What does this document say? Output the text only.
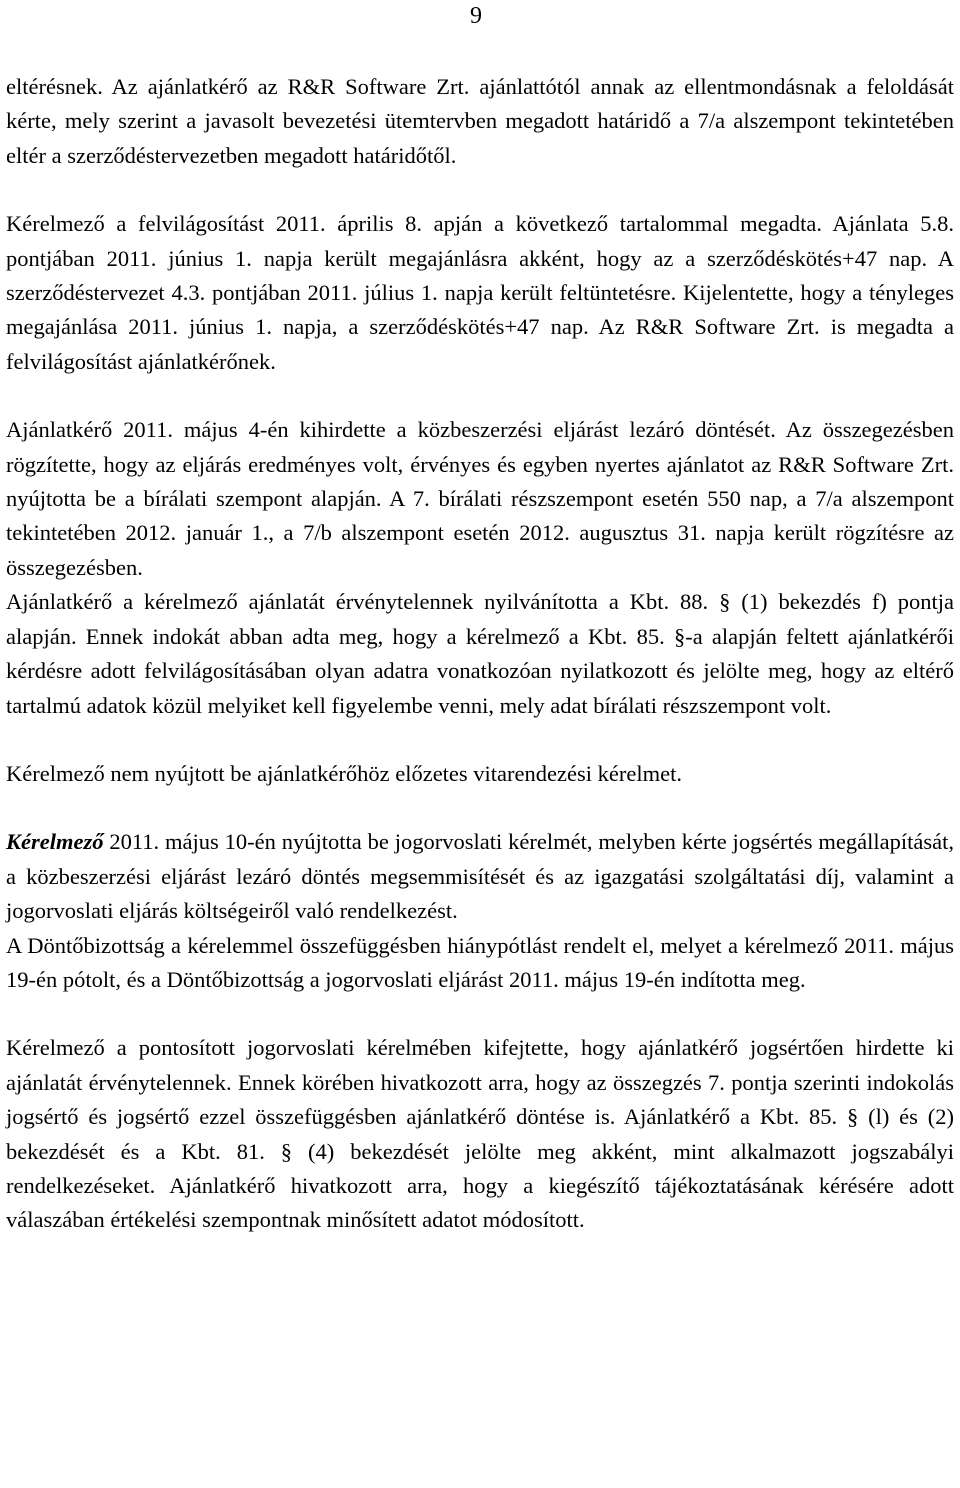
9

eltérésnek. Az ajánlatkérő az R&R Software Zrt. ajánlattótól annak az ellentmondásnak a feloldását kérte, mely szerint a javasolt bevezetési ütemtervben megadott határidő a 7/a alszempont tekintetében eltér a szerződéstervezetben megadott határidőtől.

Kérelmező a felvilágosítást 2011. április 8. apján a következő tartalommal megadta. Ajánlata 5.8. pontjában 2011. június 1. napja került megajánlásra akként, hogy az a szerződéskötés+47 nap. A szerződéstervezet 4.3. pontjában 2011. július 1. napja került feltüntetésre. Kijelentette, hogy a tényleges megajánlása 2011. június 1. napja, a szerződéskötés+47 nap. Az R&R Software Zrt. is megadta a felvilágosítást ajánlatkérőnek.

Ajánlatkérő 2011. május 4-én kihirdette a közbeszerzési eljárást lezáró döntését. Az összegezésben rögzítette, hogy az eljárás eredményes volt, érvényes és egyben nyertes ajánlatot az R&R Software Zrt. nyújtotta be a bírálati szempont alapján. A 7. bírálati részszempont esetén 550 nap, a 7/a alszempont tekintetében 2012. január 1., a 7/b alszempont esetén 2012. augusztus 31. napja került rögzítésre az összegezésben.

Ajánlatkérő a kérelmező ajánlatát érvénytelennek nyilvánította a Kbt. 88. § (1) bekezdés f) pontja alapján. Ennek indokát abban adta meg, hogy a kérelmező a Kbt. 85. §-a alapján feltett ajánlatkérői kérdésre adott felvilágosításában olyan adatra vonatkozóan nyilatkozott és jelölte meg, hogy az eltérő tartalmú adatok közül melyiket kell figyelembe venni, mely adat bírálati részszempont volt.

Kérelmező nem nyújtott be ajánlatkérőhöz előzetes vitarendezési kérelmet.

Kérelmező 2011. május 10-én nyújtotta be jogorvoslati kérelmét, melyben kérte jogsértés megállapítását, a közbeszerzési eljárást lezáró döntés megsemmisítését és az igazgatási szolgáltatási díj, valamint a jogorvoslati eljárás költségeiről való rendelkezést.

A Döntőbizottság a kérelemmel összefüggésben hiánypótlást rendelt el, melyet a kérelmező 2011. május 19-én pótolt, és a Döntőbizottság a jogorvoslati eljárást 2011. május 19-én indította meg.

Kérelmező a pontosított jogorvoslati kérelmében kifejtette, hogy ajánlatkérő jogsértően hirdette ki ajánlatát érvénytelennek. Ennek körében hivatkozott arra, hogy az összegzés 7. pontja szerinti indokolás jogsértő és jogsértő ezzel összefüggésben ajánlatkérő döntése is. Ajánlatkérő a Kbt. 85. § (l) és (2) bekezdését és a Kbt. 81. § (4) bekezdését jelölte meg akként, mint alkalmazott jogszabályi rendelkezéseket. Ajánlatkérő hivatkozott arra, hogy a kiegészítő tájékoztatásának kérésére adott válaszában értékelési szempontnak minősített adatot módosított.
